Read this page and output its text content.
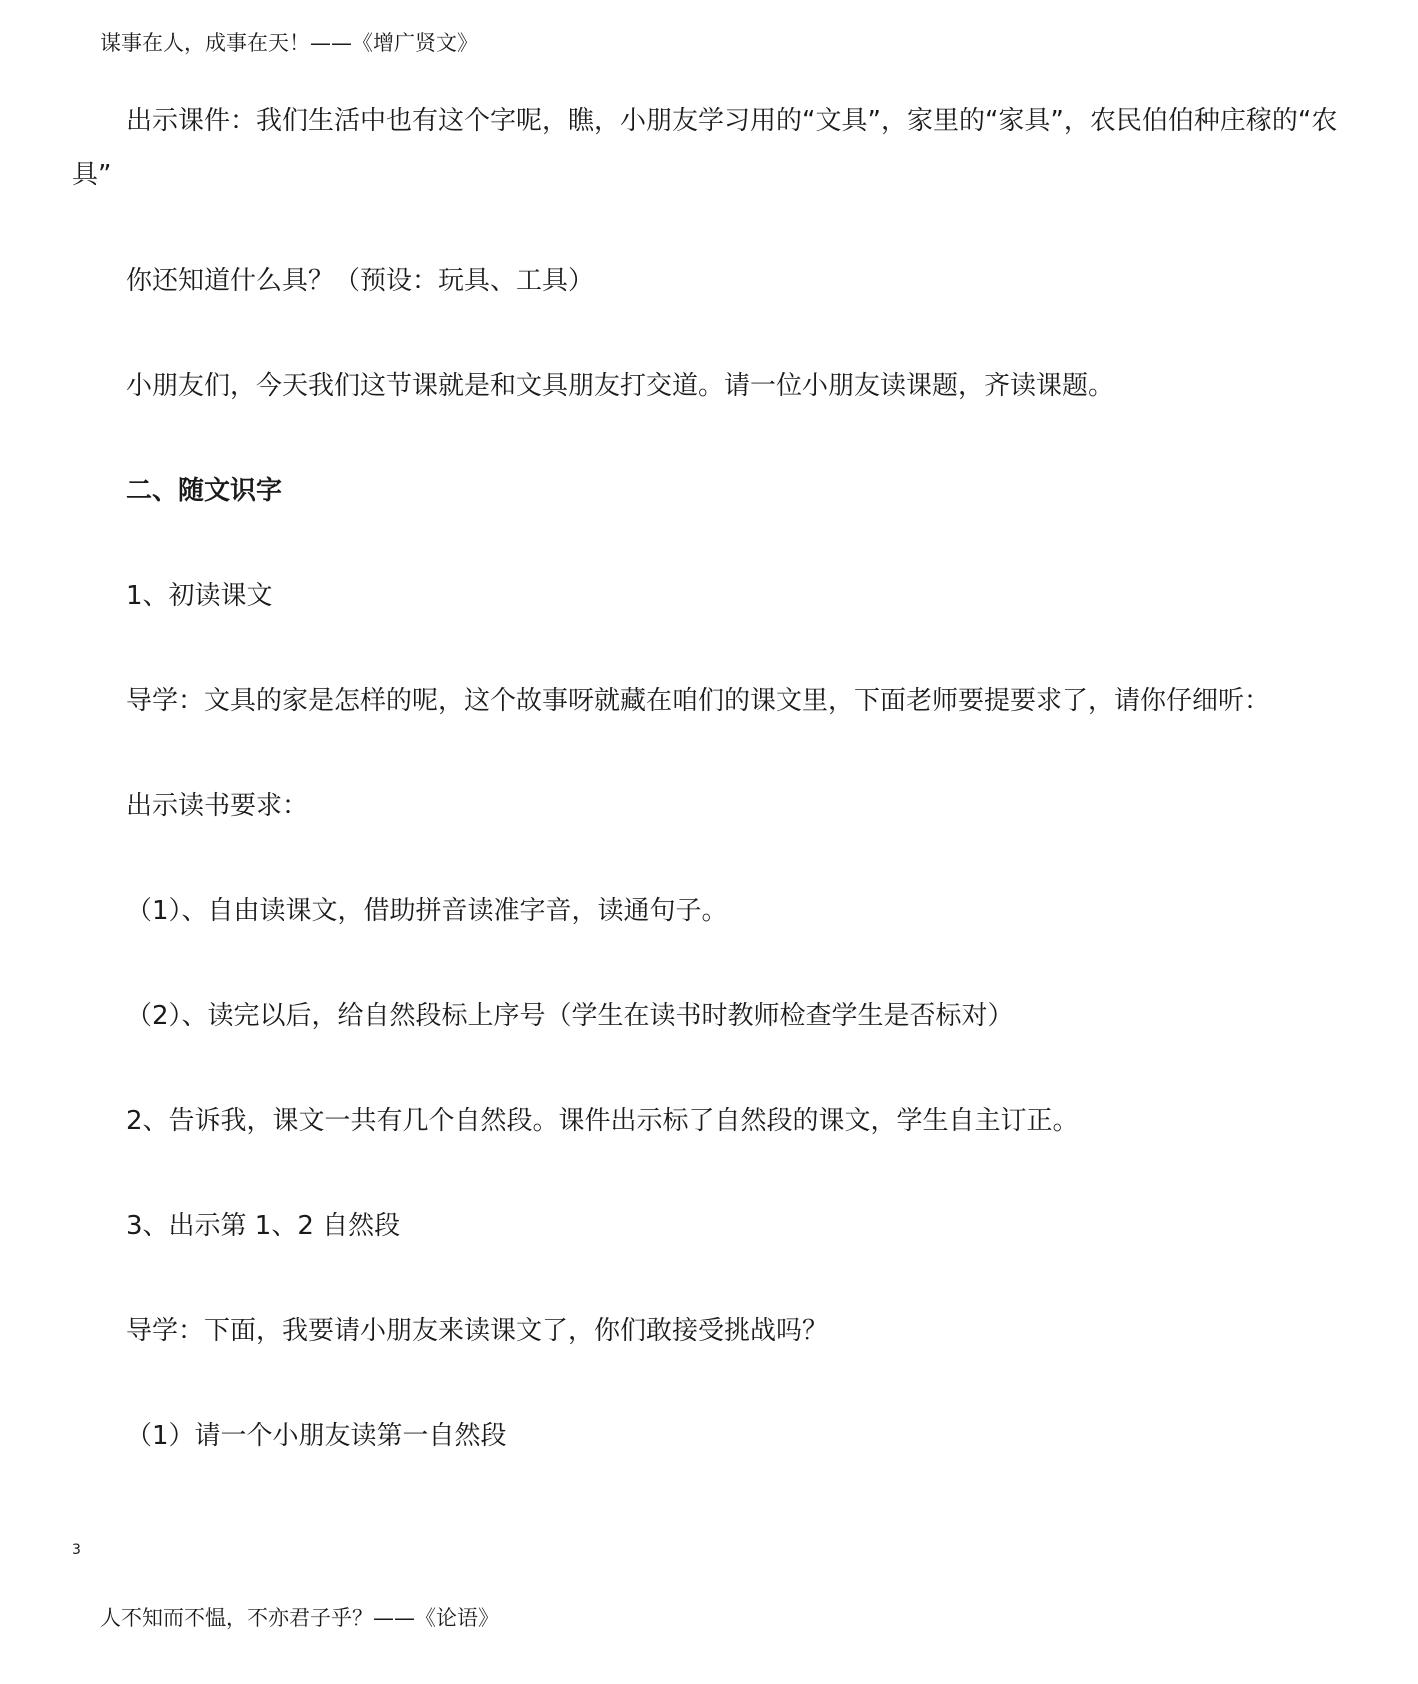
谋事在人，成事在天！——《增广贤文》

出示课件：我们生活中也有这个字呢，瞧，小朋友学习用的“文具”，家里的“家具”，农民伯伯种庄稼的“农具”

你还知道什么具？（预设：玩具、工具）

小朋友们，今天我们这节课就是和文具朋友打交道。请一位小朋友读课题，齐读课题。

二、随文识字

1、初读课文

导学：文具的家是怎样的呢，这个故事呀就藏在咱们的课文里，下面老师要提要求了，请你仔细听：

出示读书要求：

（1）、自由读课文，借助拼音读准字音，读通句子。

（2）、读完以后，给自然段标上序号（学生在读书时教师检查学生是否标对）

2、告诉我，课文一共有几个自然段。课件出示标了自然段的课文，学生自主订正。

3、出示第 1、2 自然段

导学：下面，我要请小朋友来读课文了，你们敢接受挑战吗？

（1）请一个小朋友读第一自然段

3
人不知而不愠，不亦君子乎？——《论语》
